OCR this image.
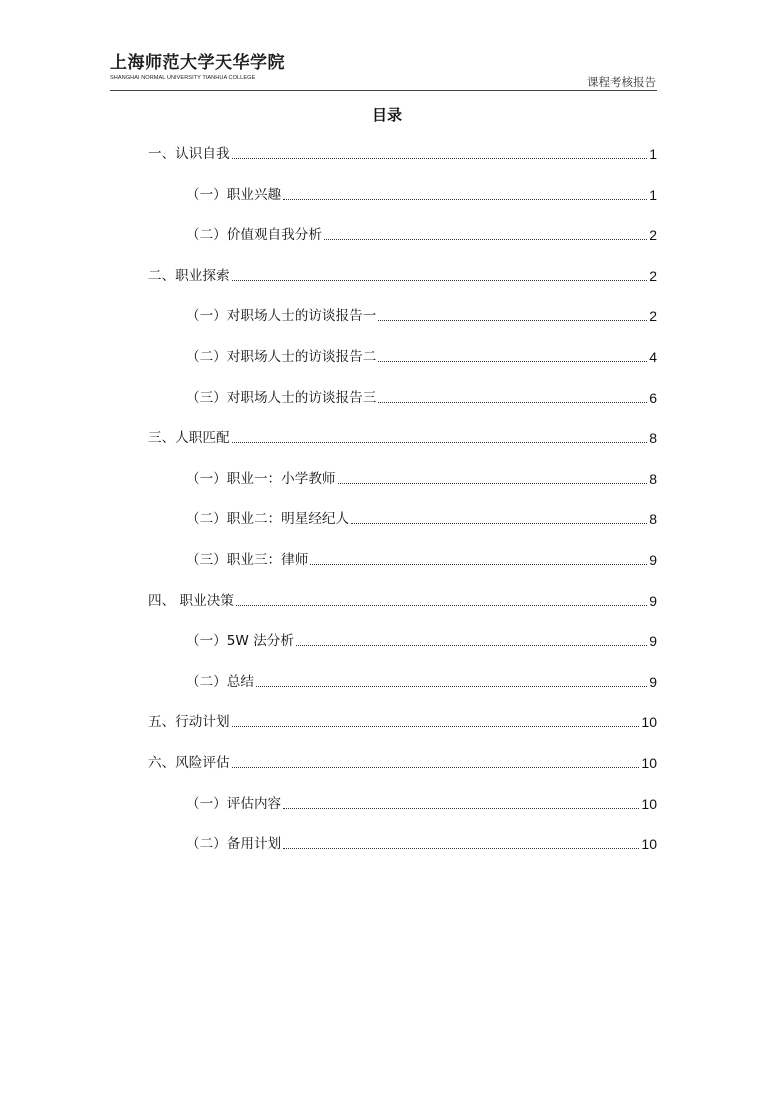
上海师范大学天华学院
SHANGHAI NORMAL UNIVERSITY TIANHUA COLLEGE	课程考核报告
目录
一、认识自我	1
（一）职业兴趣	1
（二）价值观自我分析	2
二、职业探索	2
（一）对职场人士的访谈报告一	2
（二）对职场人士的访谈报告二	4
（三）对职场人士的访谈报告三	6
三、人职匹配	8
（一）职业一：小学教师	8
（二）职业二：明星经纪人	8
（三）职业三：律师	9
四、 职业决策	9
（一）5W 法分析	9
（二）总结	9
五、行动计划	10
六、风险评估	10
（一）评估内容	10
（二）备用计划	10
